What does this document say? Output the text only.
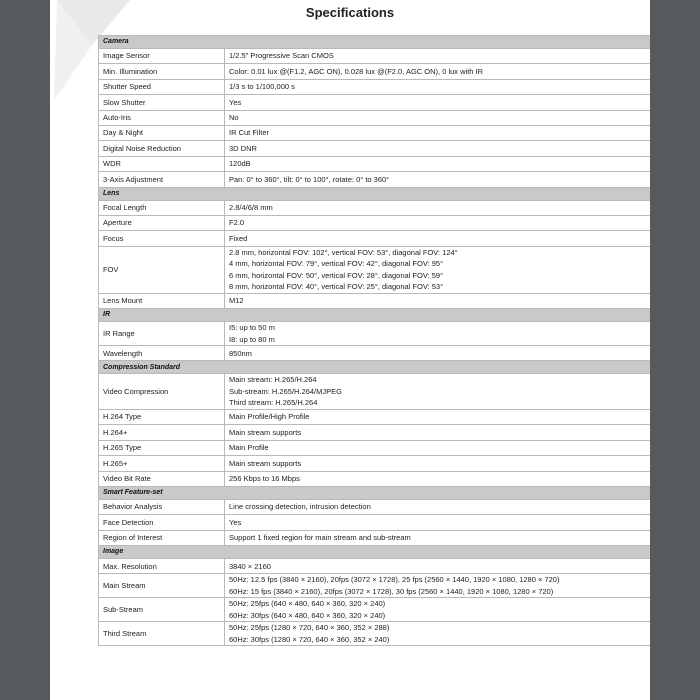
Specifications
Camera	
Image Sensor	1/2.5" Progressive Scan CMOS

Min. Illumination	Color: 0.01 lux @(F1.2, AGC ON), 0.028 lux @(F2.0, AGC ON), 0 lux with IR

Shutter Speed	1/3 s to 1/100,000 s

Slow Shutter	Yes

Auto-Iris	No

Day & Night	IR Cut Filter

Digital Noise Reduction	3D DNR

WDR	120dB

3-Axis Adjustment	Pan: 0° to 360°, tilt: 0° to 100°, rotate: 0° to 360°

Lens	
Focal Length	2.8/4/6/8 mm

Aperture	F2.0

Focus	Fixed

FOV	2.8 mm, horizontal FOV: 102°, vertical FOV: 53°, diagonal FOV: 124°
4 mm, horizontal FOV: 79°, vertical FOV: 42°, diagonal FOV: 95°
6 mm, horizontal FOV: 50°, vertical FOV: 28°, diagonal FOV: 59°
8 mm, horizontal FOV: 40°, vertical FOV: 25°, diagonal FOV: 53°

Lens Mount	M12

IR	
IR Range	I5: up to 50 m
I8: up to 80 m

Wavelength	850nm

Compression Standard	
Video Compression	Main stream: H.265/H.264
Sub-stream: H.265/H.264/MJPEG
Third stream: H.265/H.264

H.264 Type	Main Profile/High Profile

H.264+	Main stream supports

H.265 Type	Main Profile

H.265+	Main stream supports

Video Bit Rate	256 Kbps to 16 Mbps

Smart Feature-set	
Behavior Analysis	Line crossing detection, intrusion detection

Face Detection	Yes

Region of Interest	Support 1 fixed region for main stream and sub-stream

Image	
Max. Resolution	3840 × 2160

Main Stream	50Hz: 12.5 fps (3840 × 2160), 20fps (3072 × 1728), 25 fps (2560 × 1440, 1920 × 1080, 1280 × 720)
60Hz: 15 fps (3840 × 2160), 20fps (3072 × 1728), 30 fps (2560 × 1440, 1920 × 1080, 1280 × 720)

Sub-Stream	50Hz: 25fps (640 × 480, 640 × 360, 320 × 240)
60Hz: 30fps (640 × 480, 640 × 360, 320 × 240)

Third Stream	50Hz: 25fps (1280 × 720, 640 × 360, 352 × 288)
60Hz: 30fps (1280 × 720, 640 × 360, 352 × 240)
